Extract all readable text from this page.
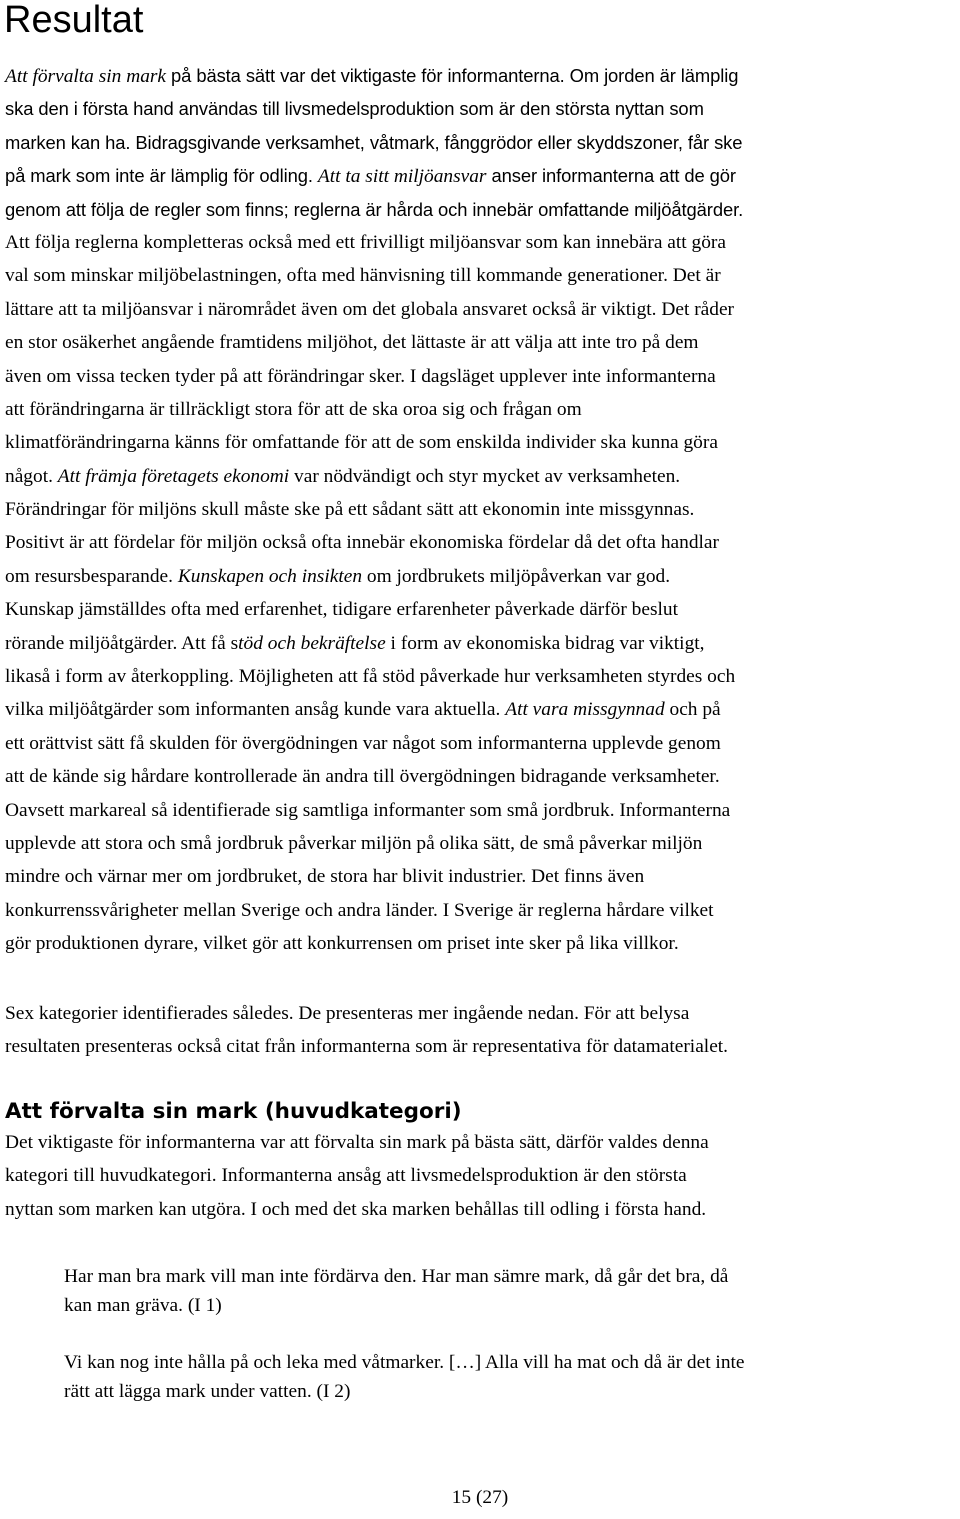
Resultat
Att förvalta sin mark på bästa sätt var det viktigaste för informanterna. Om jorden är lämplig
ska den i första hand användas till livsmedelsproduktion som är den största nyttan som
marken kan ha. Bidragsgivande verksamhet, våtmark, fånggrödor eller skyddszoner, får ske
på mark som inte är lämplig för odling. Att ta sitt miljöansvar anser informanterna att de gör
genom att följa de regler som finns; reglerna är hårda och innebär omfattande miljöåtgärder.
Att följa reglerna kompletteras också med ett frivilligt miljöansvar som kan innebära att göra
val som minskar miljöbelastningen, ofta med hänvisning till kommande generationer. Det är
lättare att ta miljöansvar i närområdet även om det globala ansvaret också är viktigt. Det råder
en stor osäkerhet angående framtidens miljöhot, det lättaste är att välja att inte tro på dem
även om vissa tecken tyder på att förändringar sker. I dagsläget upplever inte informanterna
att förändringarna är tillräckligt stora för att de ska oroa sig och frågan om
klimatförändringarna känns för omfattande för att de som enskilda individer ska kunna göra
något. Att främja företagets ekonomi var nödvändigt och styr mycket av verksamheten.
Förändringar för miljöns skull måste ske på ett sådant sätt att ekonomin inte missgynnas.
Positivt är att fördelar för miljön också ofta innebär ekonomiska fördelar då det ofta handlar
om resursbesparande. Kunskapen och insikten om jordbrukets miljöpåverkan var god.
Kunskap jämställdes ofta med erfarenhet, tidigare erfarenheter påverkade därför beslut
rörande miljöåtgärder. Att få stöd och bekräftelse i form av ekonomiska bidrag var viktigt,
likaså i form av återkoppling. Möjligheten att få stöd påverkade hur verksamheten styrdes och
vilka miljöåtgärder som informanten ansåg kunde vara aktuella. Att vara missgynnad och på
ett orättvist sätt få skulden för övergödningen var något som informanterna upplevde genom
att de kände sig hårdare kontrollerade än andra till övergödningen bidragande verksamheter.
Oavsett markareal så identifierade sig samtliga informanter som små jordbruk. Informanterna
upplevde att stora och små jordbruk påverkar miljön på olika sätt, de små påverkar miljön
mindre och värnar mer om jordbruket, de stora har blivit industrier. Det finns även
konkurrenssvårigheter mellan Sverige och andra länder. I Sverige är reglerna hårdare vilket
gör produktionen dyrare, vilket gör att konkurrensen om priset inte sker på lika villkor.
Sex kategorier identifierades således. De presenteras mer ingående nedan. För att belysa
resultaten presenteras också citat från informanterna som är representativa för datamaterialet.
Att förvalta sin mark (huvudkategori)
Det viktigaste för informanterna var att förvalta sin mark på bästa sätt, därför valdes denna
kategori till huvudkategori. Informanterna ansåg att livsmedelsproduktion är den största
nyttan som marken kan utgöra. I och med det ska marken behållas till odling i första hand.
Har man bra mark vill man inte fördärva den. Har man sämre mark, då går det bra, då
kan man gräva. (I 1)
Vi kan nog inte hålla på och leka med våtmarker. […] Alla vill ha mat och då är det inte
rätt att lägga mark under vatten. (I 2)
15 (27)
